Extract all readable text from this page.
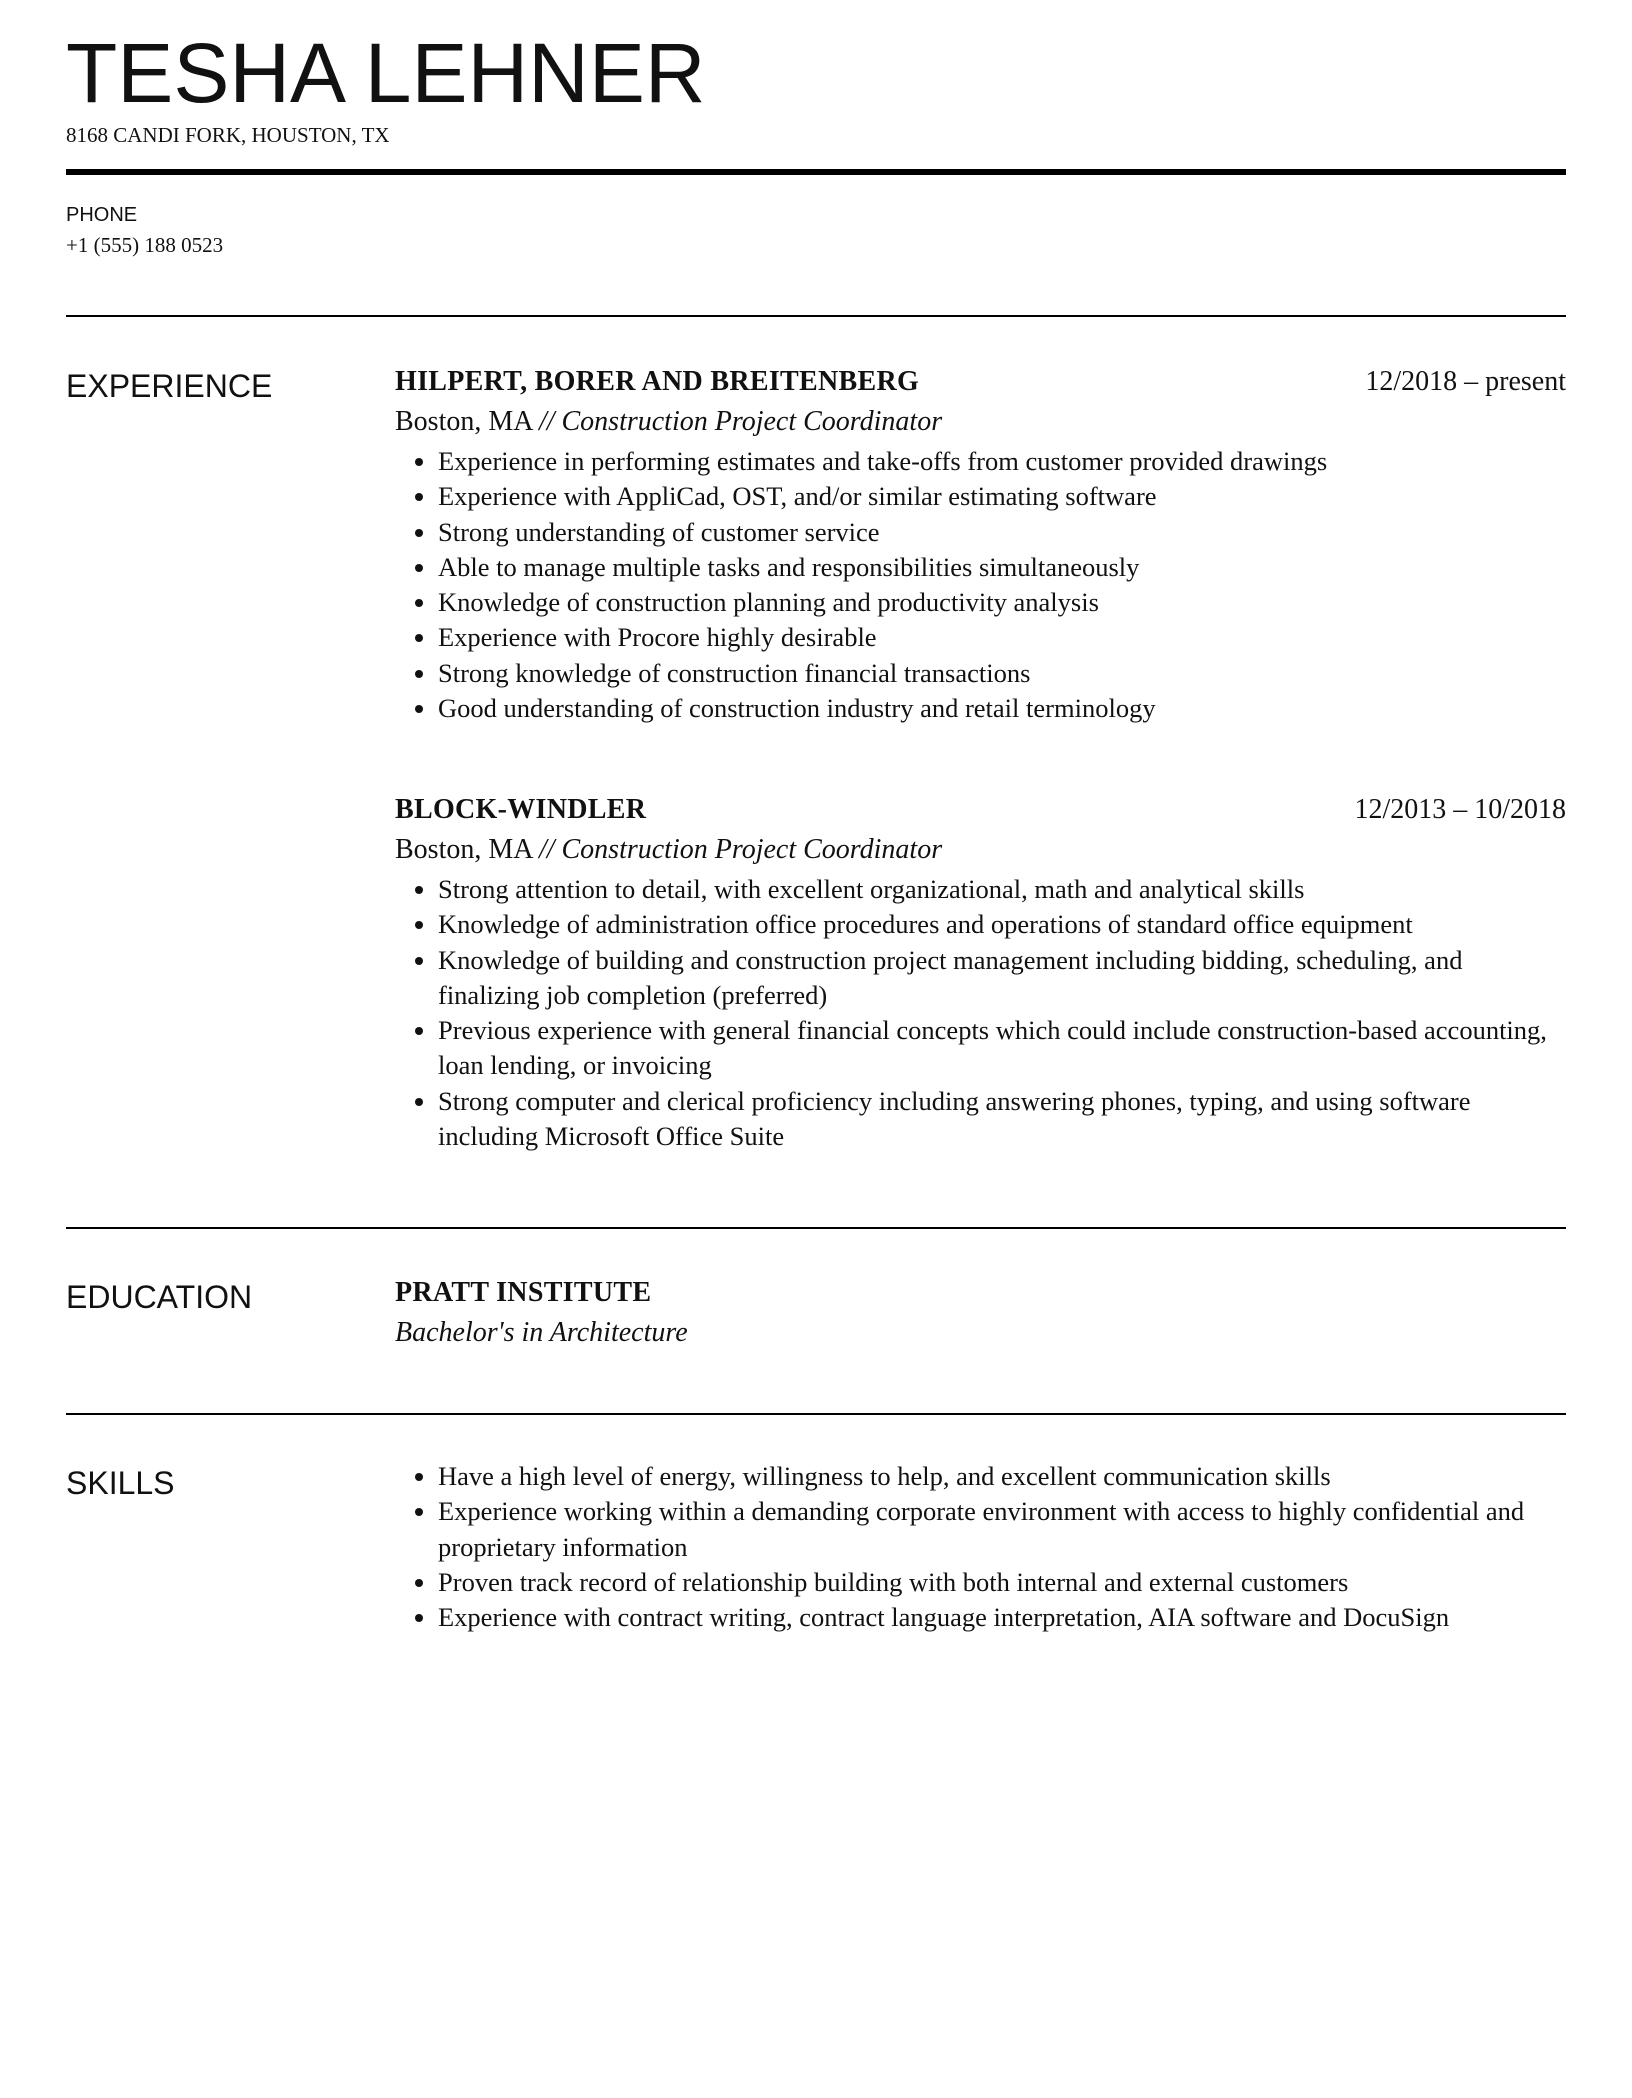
TESHA LEHNER
8168 CANDI FORK, HOUSTON, TX
PHONE
+1 (555) 188 0523
EXPERIENCE	HILPERT, BORER AND BREITENBERG	12/2018 – present
Boston, MA // Construction Project Coordinator
Experience in performing estimates and take-offs from customer provided drawings
Experience with AppliCad, OST, and/or similar estimating software
Strong understanding of customer service
Able to manage multiple tasks and responsibilities simultaneously
Knowledge of construction planning and productivity analysis
Experience with Procore highly desirable
Strong knowledge of construction financial transactions
Good understanding of construction industry and retail terminology
BLOCK-WINDLER	12/2013 – 10/2018
Boston, MA // Construction Project Coordinator
Strong attention to detail, with excellent organizational, math and analytical skills
Knowledge of administration office procedures and operations of standard office equipment
Knowledge of building and construction project management including bidding, scheduling, and finalizing job completion (preferred)
Previous experience with general financial concepts which could include construction-based accounting, loan lending, or invoicing
Strong computer and clerical proficiency including answering phones, typing, and using software including Microsoft Office Suite
EDUCATION	PRATT INSTITUTE
Bachelor's in Architecture
SKILLS	Have a high level of energy, willingness to help, and excellent communication skills
Experience working within a demanding corporate environment with access to highly confidential and proprietary information
Proven track record of relationship building with both internal and external customers
Experience with contract writing, contract language interpretation, AIA software and DocuSign
